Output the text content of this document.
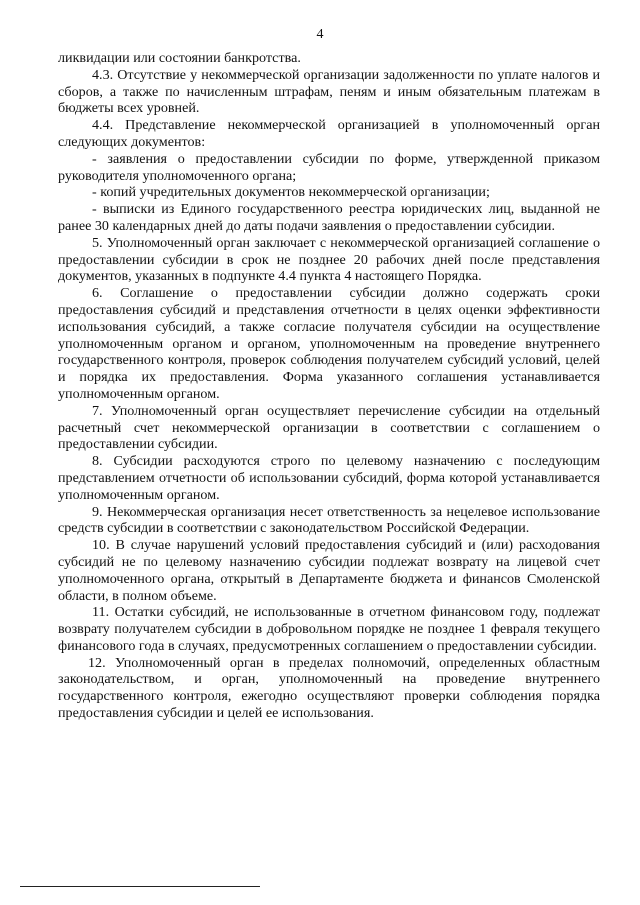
4

ликвидации или состоянии банкротства.

4.3. Отсутствие у некоммерческой организации задолженности по уплате налогов и сборов, а также по начисленным штрафам, пеням и иным обязательным платежам в бюджеты всех уровней.

4.4. Представление некоммерческой организацией в уполномоченный орган следующих документов:

- заявления о предоставлении субсидии по форме, утвержденной приказом руководителя уполномоченного органа;

- копий учредительных документов некоммерческой организации;

- выписки из Единого государственного реестра юридических лиц, выданной не ранее 30 календарных дней до даты подачи заявления о предоставлении субсидии.

5. Уполномоченный орган заключает с некоммерческой организацией соглашение о предоставлении субсидии в срок не позднее 20 рабочих дней после представления документов, указанных в подпункте 4.4 пункта 4 настоящего Порядка.

6. Соглашение о предоставлении субсидии должно содержать сроки предоставления субсидий и представления отчетности в целях оценки эффективности использования субсидий, а также согласие получателя субсидии на осуществление уполномоченным органом и органом, уполномоченным на проведение внутреннего государственного контроля, проверок соблюдения получателем субсидий условий, целей и порядка их предоставления. Форма указанного соглашения устанавливается уполномоченным органом.

7. Уполномоченный орган осуществляет перечисление субсидии на отдельный расчетный счет некоммерческой организации в соответствии с соглашением о предоставлении субсидии.

8. Субсидии расходуются строго по целевому назначению с последующим представлением отчетности об использовании субсидий, форма которой устанавливается уполномоченным органом.

9. Некоммерческая организация несет ответственность за нецелевое использование средств субсидии в соответствии с законодательством Российской Федерации.

10. В случае нарушений условий предоставления субсидий и (или) расходования субсидий не по целевому назначению субсидии подлежат возврату на лицевой счет уполномоченного органа, открытый в Департаменте бюджета и финансов Смоленской области, в полном объеме.

11. Остатки субсидий, не использованные в отчетном финансовом году, подлежат возврату получателем субсидии в добровольном порядке не позднее 1 февраля текущего финансового года в случаях, предусмотренных соглашением о предоставлении субсидии.

12. Уполномоченный орган в пределах полномочий, определенных областным законодательством, и орган, уполномоченный на проведение внутреннего государственного контроля, ежегодно осуществляют проверки соблюдения порядка предоставления субсидии и целей ее использования.
